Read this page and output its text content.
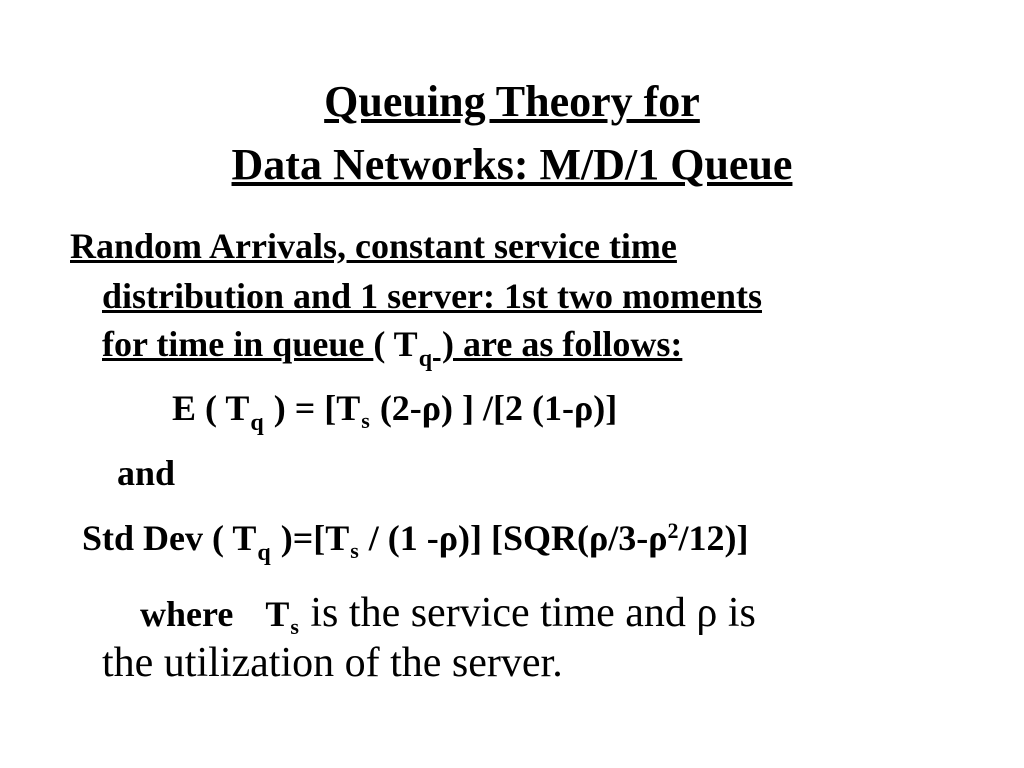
Queuing Theory for
Data Networks: M/D/1 Queue
Random Arrivals, constant service time
distribution and 1 server: 1st two moments
for time in queue ( $T_q$ ) are as follows:
E ( $T_q$ ) = [$T_s$ (2-ρ) ] /[2 (1-ρ)]
and
Std Dev ( $T_q$ )$=[T_s / (1$ -ρ)] $[SQR(\rho/3-\rho^2/12)]$
where $T_s$ is the service time and ρ is
the utilization of the server.
